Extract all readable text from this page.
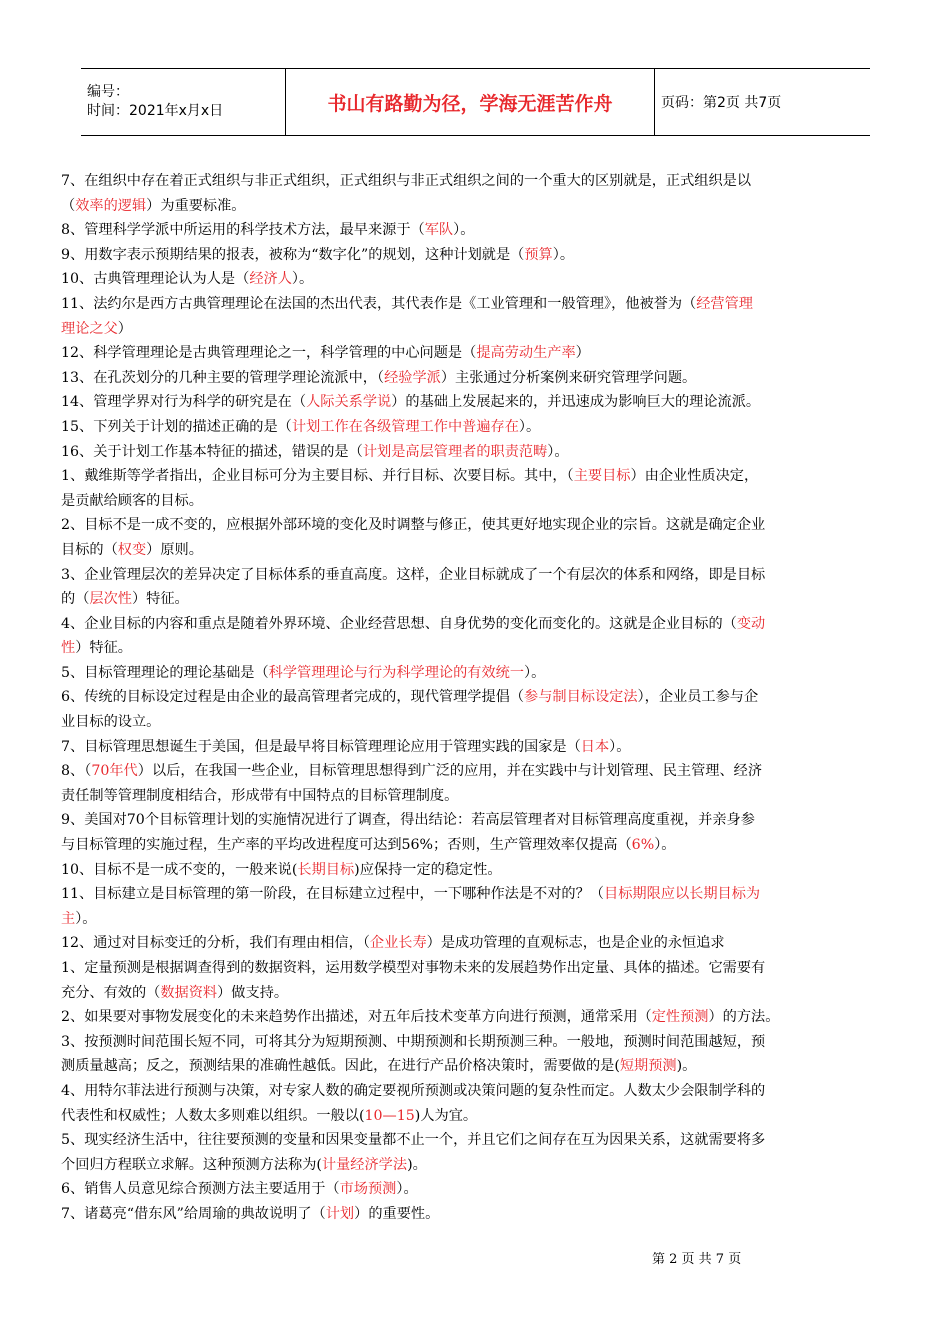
编号：
时间：2021年x月x日	书山有路勤为径，学海无涯苦作舟	页码：第2页 共7页
7、在组织中存在着正式组织与非正式组织，正式组织与非正式组织之间的一个重大的区别就是，正式组织是以
（效率的逻辑）为重要标准。
8、管理科学学派中所运用的科学技术方法，最早来源于（军队）。
9、用数字表示预期结果的报表，被称为“数字化”的规划，这种计划就是（预算）。
10、古典管理理论认为人是（经济人）。
11、法约尔是西方古典管理理论在法国的杰出代表，其代表作是《工业管理和一般管理》，他被誉为（经营管理
理论之父）
12、科学管理理论是古典管理理论之一，科学管理的中心问题是（提高劳动生产率）
13、在孔茨划分的几种主要的管理学理论流派中，（经验学派）主张通过分析案例来研究管理学问题。
14、管理学界对行为科学的研究是在（人际关系学说）的基础上发展起来的，并迅速成为影响巨大的理论流派。
15、下列关于计划的描述正确的是（计划工作在各级管理工作中普遍存在）。
16、关于计划工作基本特征的描述，错误的是（计划是高层管理者的职责范畴）。
1、戴维斯等学者指出，企业目标可分为主要目标、并行目标、次要目标。其中，（主要目标）由企业性质决定，
是贡献给顾客的目标。
2、目标不是一成不变的，应根据外部环境的变化及时调整与修正，使其更好地实现企业的宗旨。这就是确定企业
目标的（权变）原则。
3、企业管理层次的差异决定了目标体系的垂直高度。这样，企业目标就成了一个有层次的体系和网络，即是目标
的（层次性）特征。
4、企业目标的内容和重点是随着外界环境、企业经营思想、自身优势的变化而变化的。这就是企业目标的（变动
性）特征。
5、目标管理理论的理论基础是（科学管理理论与行为科学理论的有效统一）。
6、传统的目标设定过程是由企业的最高管理者完成的，现代管理学提倡（参与制目标设定法），企业员工参与企
业目标的设立。
7、目标管理思想诞生于美国，但是最早将目标管理理论应用于管理实践的国家是（日本）。
8、（70年代）以后，在我国一些企业，目标管理思想得到广泛的应用，并在实践中与计划管理、民主管理、经济
责任制等管理制度相结合，形成带有中国特点的目标管理制度。
9、美国对70个目标管理计划的实施情况进行了调查，得出结论：若高层管理者对目标管理高度重视，并亲身参
与目标管理的实施过程，生产率的平均改进程度可达到56%；否则，生产管理效率仅提高（6%）。
10、目标不是一成不变的，一般来说(长期目标)应保持一定的稳定性。
11、目标建立是目标管理的第一阶段，在目标建立过程中，一下哪种作法是不对的？（目标期限应以长期目标为
主）。
12、通过对目标变迁的分析，我们有理由相信，（企业长寿）是成功管理的直观标志，也是企业的永恒追求
1、定量预测是根据调查得到的数据资料，运用数学模型对事物未来的发展趋势作出定量、具体的描述。它需要有
充分、有效的（数据资料）做支持。
2、如果要对事物发展变化的未来趋势作出描述，对五年后技术变革方向进行预测，通常采用（定性预测）的方法。
3、按预测时间范围长短不同，可将其分为短期预测、中期预测和长期预测三种。一般地，预测时间范围越短，预
测质量越高；反之，预测结果的准确性越低。因此，在进行产品价格决策时，需要做的是(短期预测)。
4、用特尔菲法进行预测与决策，对专家人数的确定要视所预测或决策问题的复杂性而定。人数太少会限制学科的
代表性和权威性；人数太多则难以组织。一般以(10—15)人为宜。
5、现实经济生活中，往往要预测的变量和因果变量都不止一个，并且它们之间存在互为因果关系，这就需要将多
个回归方程联立求解。这种预测方法称为(计量经济学法)。
6、销售人员意见综合预测方法主要适用于（市场预测）。
7、诸葛亮“借东风”给周瑜的典故说明了（计划）的重要性。
第 2 页 共 7 页
